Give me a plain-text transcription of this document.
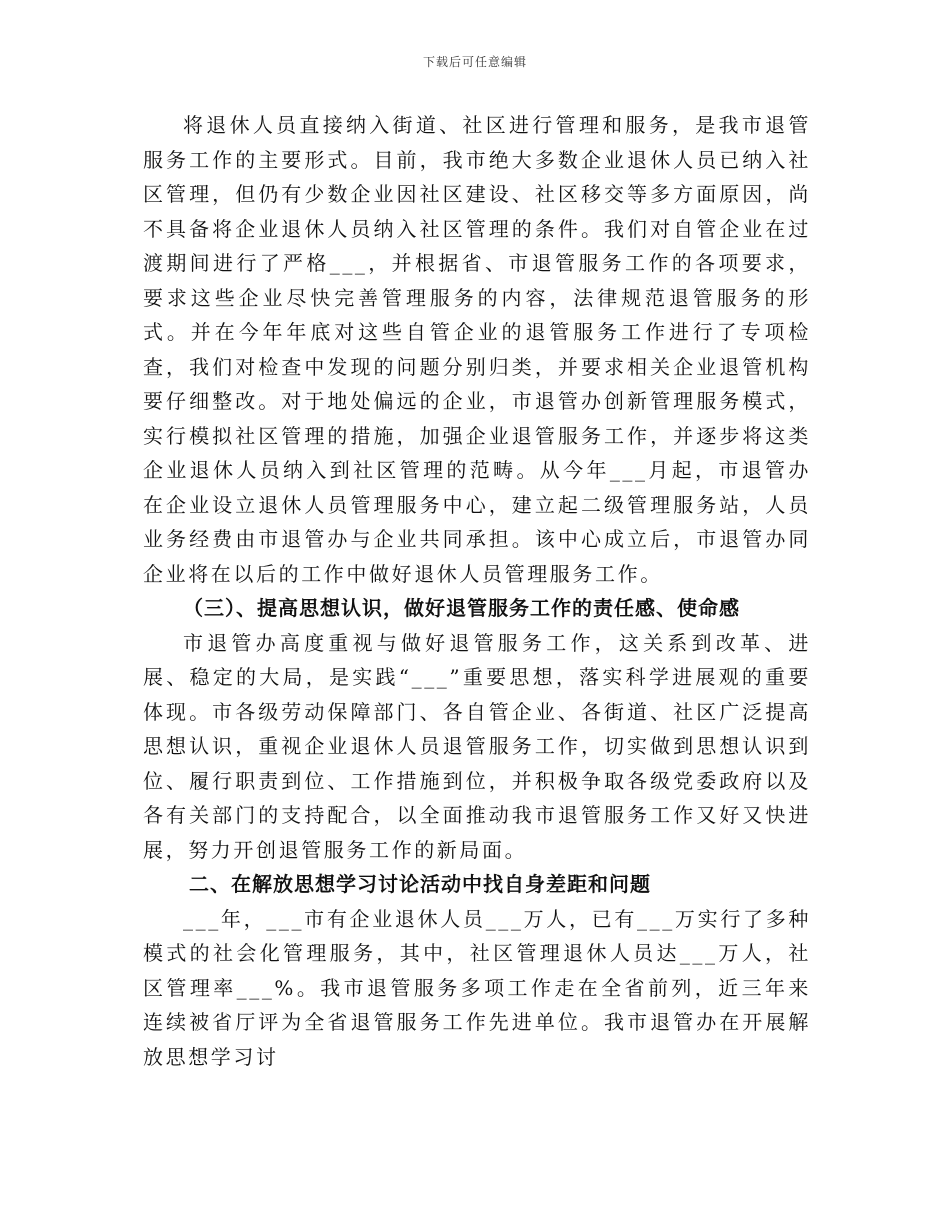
下载后可任意编辑

将退休人员直接纳入街道、社区进行管理和服务，是我市退管服务工作的主要形式。目前，我市绝大多数企业退休人员已纳入社区管理，但仍有少数企业因社区建设、社区移交等多方面原因，尚不具备将企业退休人员纳入社区管理的条件。我们对自管企业在过渡期间进行了严格___，并根据省、市退管服务工作的各项要求，要求这些企业尽快完善管理服务的内容，法律规范退管服务的形式。并在今年年底对这些自管企业的退管服务工作进行了专项检查，我们对检查中发现的问题分别归类，并要求相关企业退管机构要仔细整改。对于地处偏远的企业，市退管办创新管理服务模式，实行模拟社区管理的措施，加强企业退管服务工作，并逐步将这类企业退休人员纳入到社区管理的范畴。从今年___月起，市退管办在企业设立退休人员管理服务中心，建立起二级管理服务站，人员业务经费由市退管办与企业共同承担。该中心成立后，市退管办同企业将在以后的工作中做好退休人员管理服务工作。

（三）、提高思想认识，做好退管服务工作的责任感、使命感

市退管办高度重视与做好退管服务工作，这关系到改革、进展、稳定的大局，是实践“___”重要思想，落实科学进展观的重要体现。市各级劳动保障部门、各自管企业、各街道、社区广泛提高思想认识，重视企业退休人员退管服务工作，切实做到思想认识到位、履行职责到位、工作措施到位，并积极争取各级党委政府以及各有关部门的支持配合，以全面推动我市退管服务工作又好又快进展，努力开创退管服务工作的新局面。

二、在解放思想学习讨论活动中找自身差距和问题

___年，___市有企业退休人员___万人，已有___万实行了多种模式的社会化管理服务，其中，社区管理退休人员达___万人，社区管理率___%。我市退管服务多项工作走在全省前列，近三年来连续被省厅评为全省退管服务工作先进单位。我市退管办在开展解放思想学习讨
